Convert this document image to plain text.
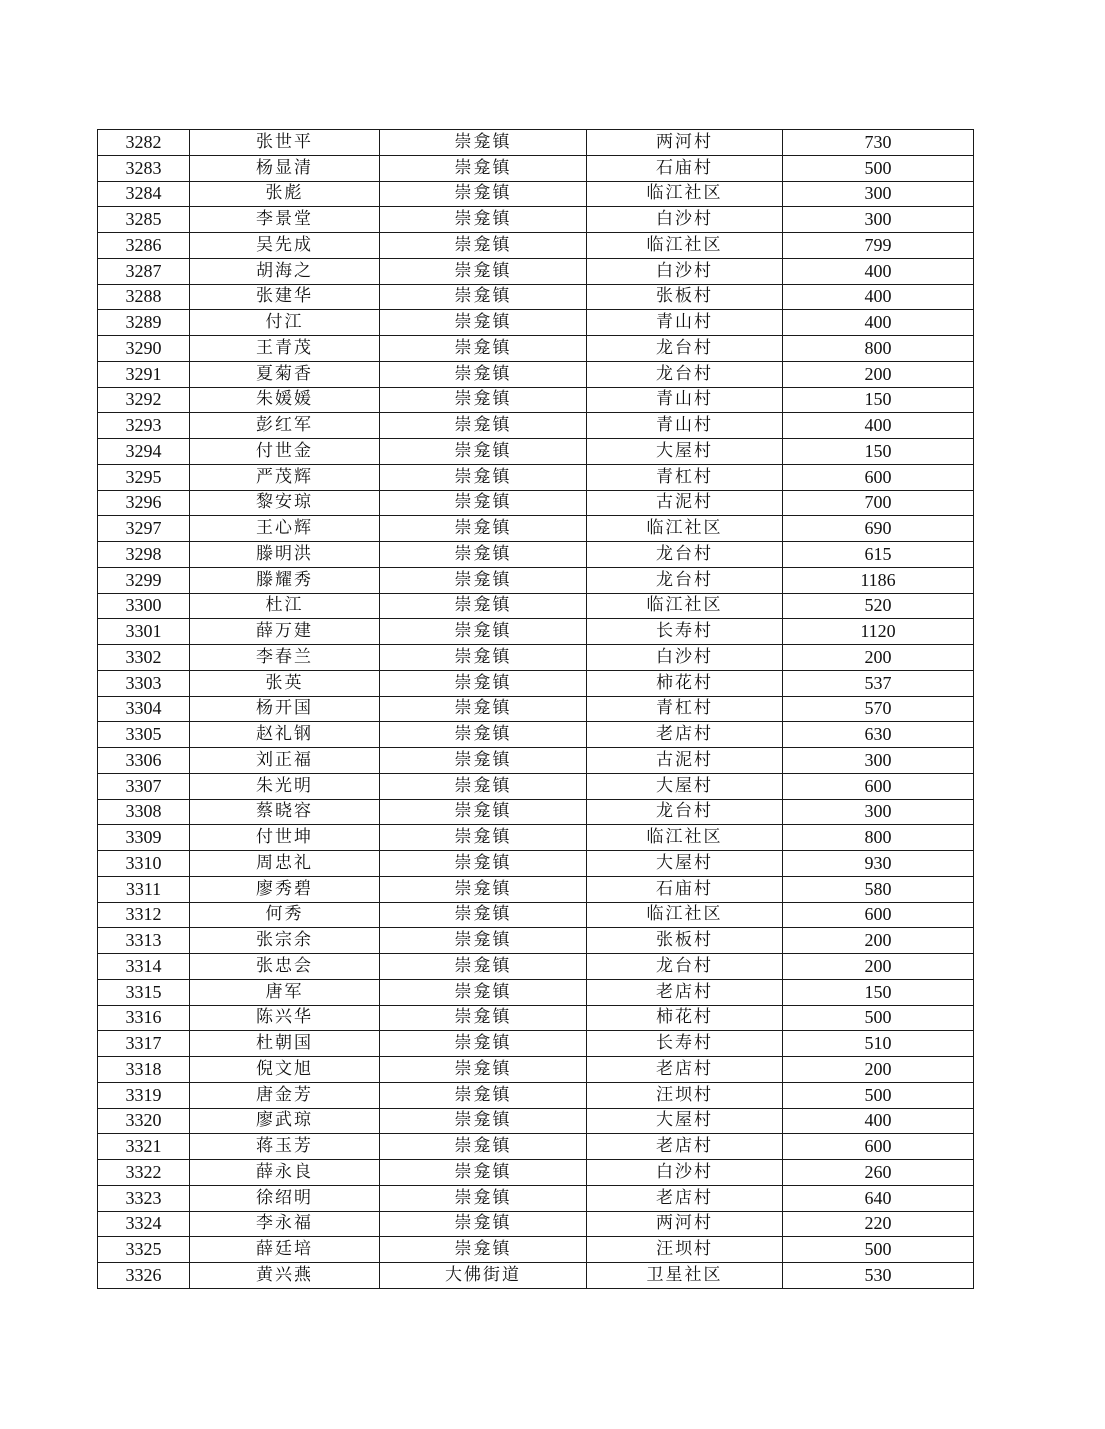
3282	张世平	崇龛镇	两河村	730
3283	杨显清	崇龛镇	石庙村	500
3284	张彪	崇龛镇	临江社区	300
3285	李景堂	崇龛镇	白沙村	300
3286	吴先成	崇龛镇	临江社区	799
3287	胡海之	崇龛镇	白沙村	400
3288	张建华	崇龛镇	张板村	400
3289	付江	崇龛镇	青山村	400
3290	王青茂	崇龛镇	龙台村	800
3291	夏菊香	崇龛镇	龙台村	200
3292	朱媛媛	崇龛镇	青山村	150
3293	彭红军	崇龛镇	青山村	400
3294	付世金	崇龛镇	大屋村	150
3295	严茂辉	崇龛镇	青杠村	600
3296	黎安琼	崇龛镇	古泥村	700
3297	王心辉	崇龛镇	临江社区	690
3298	滕明洪	崇龛镇	龙台村	615
3299	滕耀秀	崇龛镇	龙台村	1186
3300	杜江	崇龛镇	临江社区	520
3301	薛万建	崇龛镇	长寿村	1120
3302	李春兰	崇龛镇	白沙村	200
3303	张英	崇龛镇	柿花村	537
3304	杨开国	崇龛镇	青杠村	570
3305	赵礼钢	崇龛镇	老店村	630
3306	刘正福	崇龛镇	古泥村	300
3307	朱光明	崇龛镇	大屋村	600
3308	蔡晓容	崇龛镇	龙台村	300
3309	付世坤	崇龛镇	临江社区	800
3310	周忠礼	崇龛镇	大屋村	930
3311	廖秀碧	崇龛镇	石庙村	580
3312	何秀	崇龛镇	临江社区	600
3313	张宗余	崇龛镇	张板村	200
3314	张忠会	崇龛镇	龙台村	200
3315	唐军	崇龛镇	老店村	150
3316	陈兴华	崇龛镇	柿花村	500
3317	杜朝国	崇龛镇	长寿村	510
3318	倪文旭	崇龛镇	老店村	200
3319	唐金芳	崇龛镇	汪坝村	500
3320	廖武琼	崇龛镇	大屋村	400
3321	蒋玉芳	崇龛镇	老店村	600
3322	薛永良	崇龛镇	白沙村	260
3323	徐绍明	崇龛镇	老店村	640
3324	李永福	崇龛镇	两河村	220
3325	薛廷培	崇龛镇	汪坝村	500
3326	黄兴燕	大佛街道	卫星社区	530
